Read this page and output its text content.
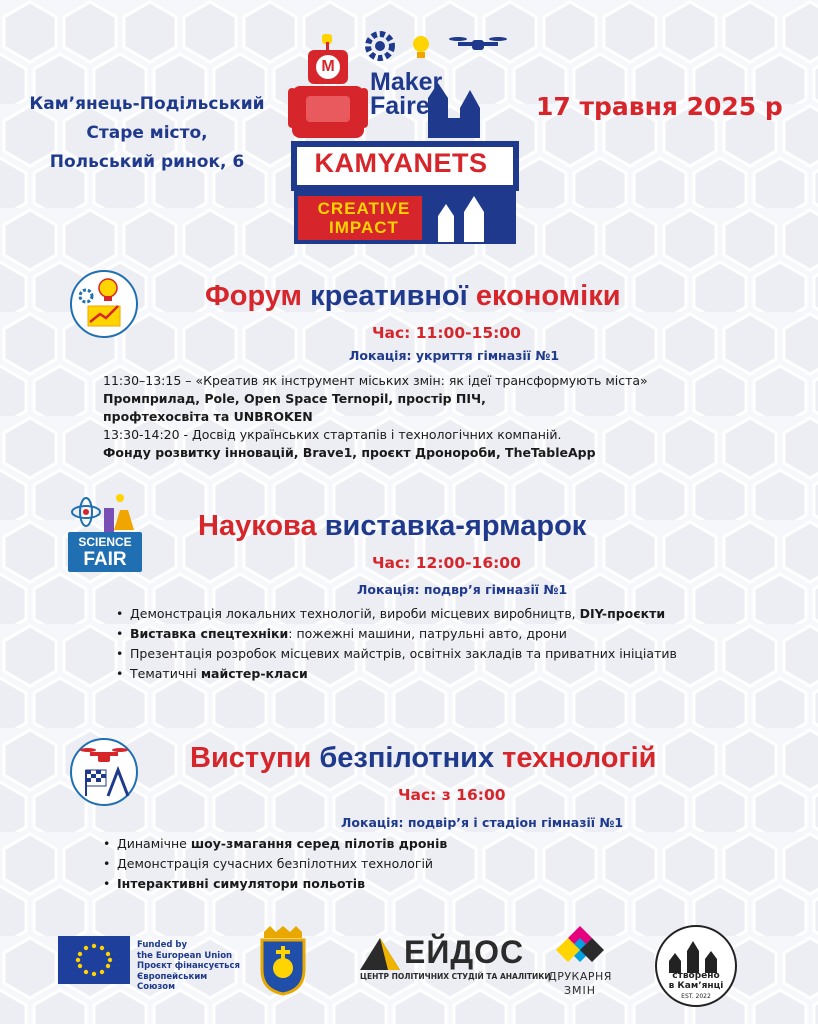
Кам’янець-Подільський
Старе місто,
Польський ринок, 6
Maker
Faire
M
KAMYANETS
CREATIVE
IMPACT
17 травня 2025 р
Форум креативної економіки
Час: 11:00-15:00
Локація: укриття гімназії №1
11:30–13:15 – «Креатив як інструмент міських змін: як ідеї трансформують міста»
Промприлад, Pole, Open Space Ternopil, простір ПІЧ,
профтехосвіта та UNBROKEN
13:30-14:20 - Досвід українських стартапів і технологічних компаній.
Фонду розвитку інновацій, Brave1, проєкт Дронороби, TheTableApp
SCIENCE
FAIR
Наукова виставка-ярмарок
Час: 12:00-16:00
Локація: подвр’я гімназії №1
• Демонстрація локальних технологій, вироби місцевих виробництв, DIY-проєкти
• Виставка спецтехніки: пожежні машини, патрульні авто, дрони
• Презентація розробок місцевих майстрів, освітніх закладів та приватних ініціатив
• Тематичні майстер-класи
Виступи безпілотних технологій
Час: з 16:00
Локація: подвір’я і стадіон гімназії №1
• Динамічне шоу-змагання серед пілотів дронів
• Демонстрація сучасних безпілотних технологій
• Інтерактивні симулятори польотів
Funded by
the European Union
Проєкт фінансується
Європейським Союзом
ЕЙДОС
ЦЕНТР ПОЛІТИЧНИХ СТУДІЙ ТА АНАЛІТИКИ
ДРУКАРНЯ
ЗМІН
створено
в Кам’янці
EST. 2022
